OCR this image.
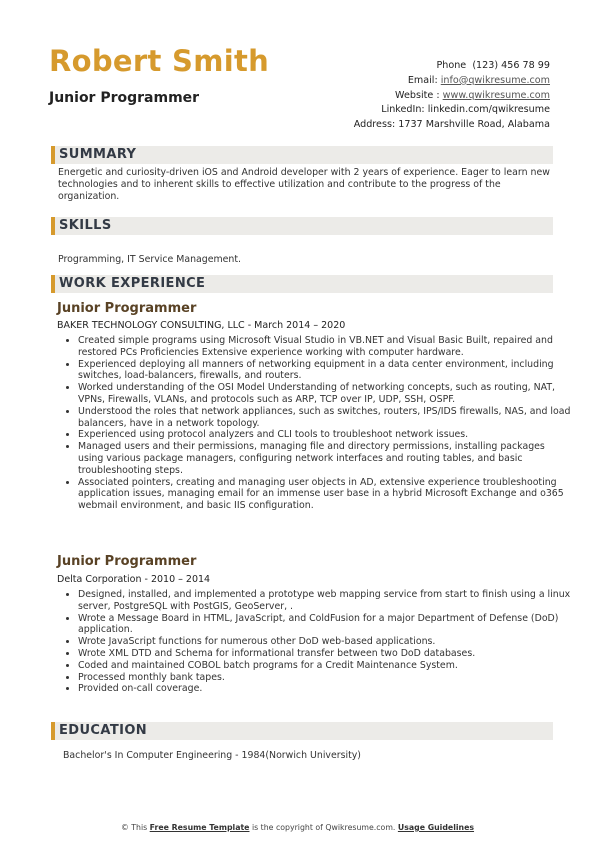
Robert Smith
Junior Programmer
Phone (123) 456 78 99
Email: info@qwikresume.com
Website : www.qwikresume.com
LinkedIn: linkedin.com/qwikresume
Address: 1737 Marshville Road, Alabama
SUMMARY
Energetic and curiosity-driven iOS and Android developer with 2 years of experience. Eager to learn new technologies and to inherent skills to effective utilization and contribute to the progress of the organization.
SKILLS
Programming, IT Service Management.
WORK EXPERIENCE
Junior Programmer
BAKER TECHNOLOGY CONSULTING, LLC - March 2014 – 2020
• Created simple programs using Microsoft Visual Studio in VB.NET and Visual Basic Built, repaired and restored PCs Proficiencies Extensive experience working with computer hardware.
• Experienced deploying all manners of networking equipment in a data center environment, including switches, load-balancers, firewalls, and routers.
• Worked understanding of the OSI Model Understanding of networking concepts, such as routing, NAT, VPNs, Firewalls, VLANs, and protocols such as ARP, TCP over IP, UDP, SSH, OSPF.
• Understood the roles that network appliances, such as switches, routers, IPS/IDS firewalls, NAS, and load balancers, have in a network topology.
• Experienced using protocol analyzers and CLI tools to troubleshoot network issues.
• Managed users and their permissions, managing file and directory permissions, installing packages using various package managers, configuring network interfaces and routing tables, and basic troubleshooting steps.
• Associated pointers, creating and managing user objects in AD, extensive experience troubleshooting application issues, managing email for an immense user base in a hybrid Microsoft Exchange and o365 webmail environment, and basic IIS configuration.
Junior Programmer
Delta Corporation - 2010 – 2014
• Designed, installed, and implemented a prototype web mapping service from start to finish using a linux server, PostgreSQL with PostGIS, GeoServer, .
• Wrote a Message Board in HTML, JavaScript, and ColdFusion for a major Department of Defense (DoD) application.
• Wrote JavaScript functions for numerous other DoD web-based applications.
• Wrote XML DTD and Schema for informational transfer between two DoD databases.
• Coded and maintained COBOL batch programs for a Credit Maintenance System.
• Processed monthly bank tapes.
• Provided on-call coverage.
EDUCATION
Bachelor's In Computer Engineering - 1984(Norwich University)
© This Free Resume Template is the copyright of Qwikresume.com. Usage Guidelines
